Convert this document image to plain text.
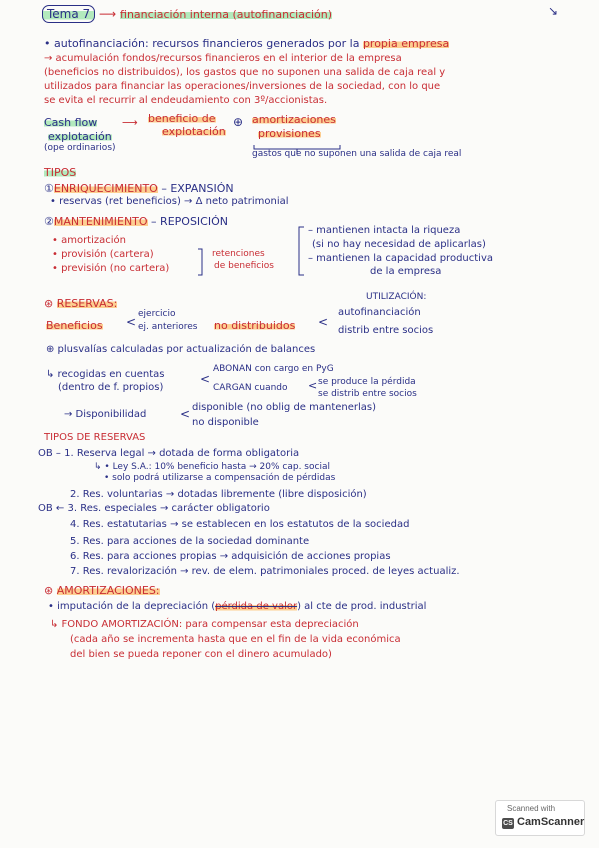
Tema 7 ⟶ financiación interna (autofinanciación)	↘
• autofinanciación: recursos financieros generados por la propia empresa
→ acumulación fondos/recursos financieros en el interior de la empresa
(beneficios no distribuidos), los gastos que no suponen una salida de caja real y
utilizados para financiar las operaciones/inversiones de la sociedad, con lo que
se evita el recurrir al endeudamiento con 3º/accionistas.
Cash flow
explotación
(ope ordinarios)
⟶ beneficio de
explotación
⊕ amortizaciones
provisiones
gastos que no suponen una salida de caja real
TIPOS
①ENRIQUECIMIENTO – EXPANSIÓN
• reservas (ret beneficios) → Δ neto patrimonial
②MANTENIMIENTO – REPOSICIÓN
• amortización
• provisión (cartera)
• previsión (no cartera)
retenciones
de beneficios
– mantienen intacta la riqueza
(si no hay necesidad de aplicarlas)
– mantienen la capacidad productiva
de la empresa
⊛ RESERVAS:	UTILIZACIÓN:
Beneficios <
ejercicio
ej. anteriores no distribuidos <
autofinanciación
distrib entre socios
⊕ plusvalías calculadas por actualización de balances
↳ recogidas en cuentas
(dentro de f. propios)
<
ABONAN con cargo en PyG
CARGAN cuando < se produce la pérdida
se distrib entre socios
→ Disponibilidad	< disponible (no oblig de mantenerlas)
no disponible
TIPOS DE RESERVAS
OB – 1. Reserva legal → dotada de forma obligatoria
↳ • Ley S.A.: 10% beneficio hasta → 20% cap. social
• solo podrá utilizarse a compensación de pérdidas
2. Res. voluntarias → dotadas libremente (libre disposición)
OB ← 3. Res. especiales → carácter obligatorio
4. Res. estatutarias → se establecen en los estatutos de la sociedad
5. Res. para acciones de la sociedad dominante
6. Res. para acciones propias → adquisición de acciones propias
7. Res. revalorización → rev. de elem. patrimoniales proced. de leyes actualiz.
⊛ AMORTIZACIONES:
• imputación de la depreciación (pérdida de valor) al cte de prod. industrial
↳ FONDO AMORTIZACIÓN: para compensar esta depreciación
(cada año se incrementa hasta que en el fin de la vida económica
del bien se pueda reponer con el dinero acumulado)
Scanned with
CS CamScanner
